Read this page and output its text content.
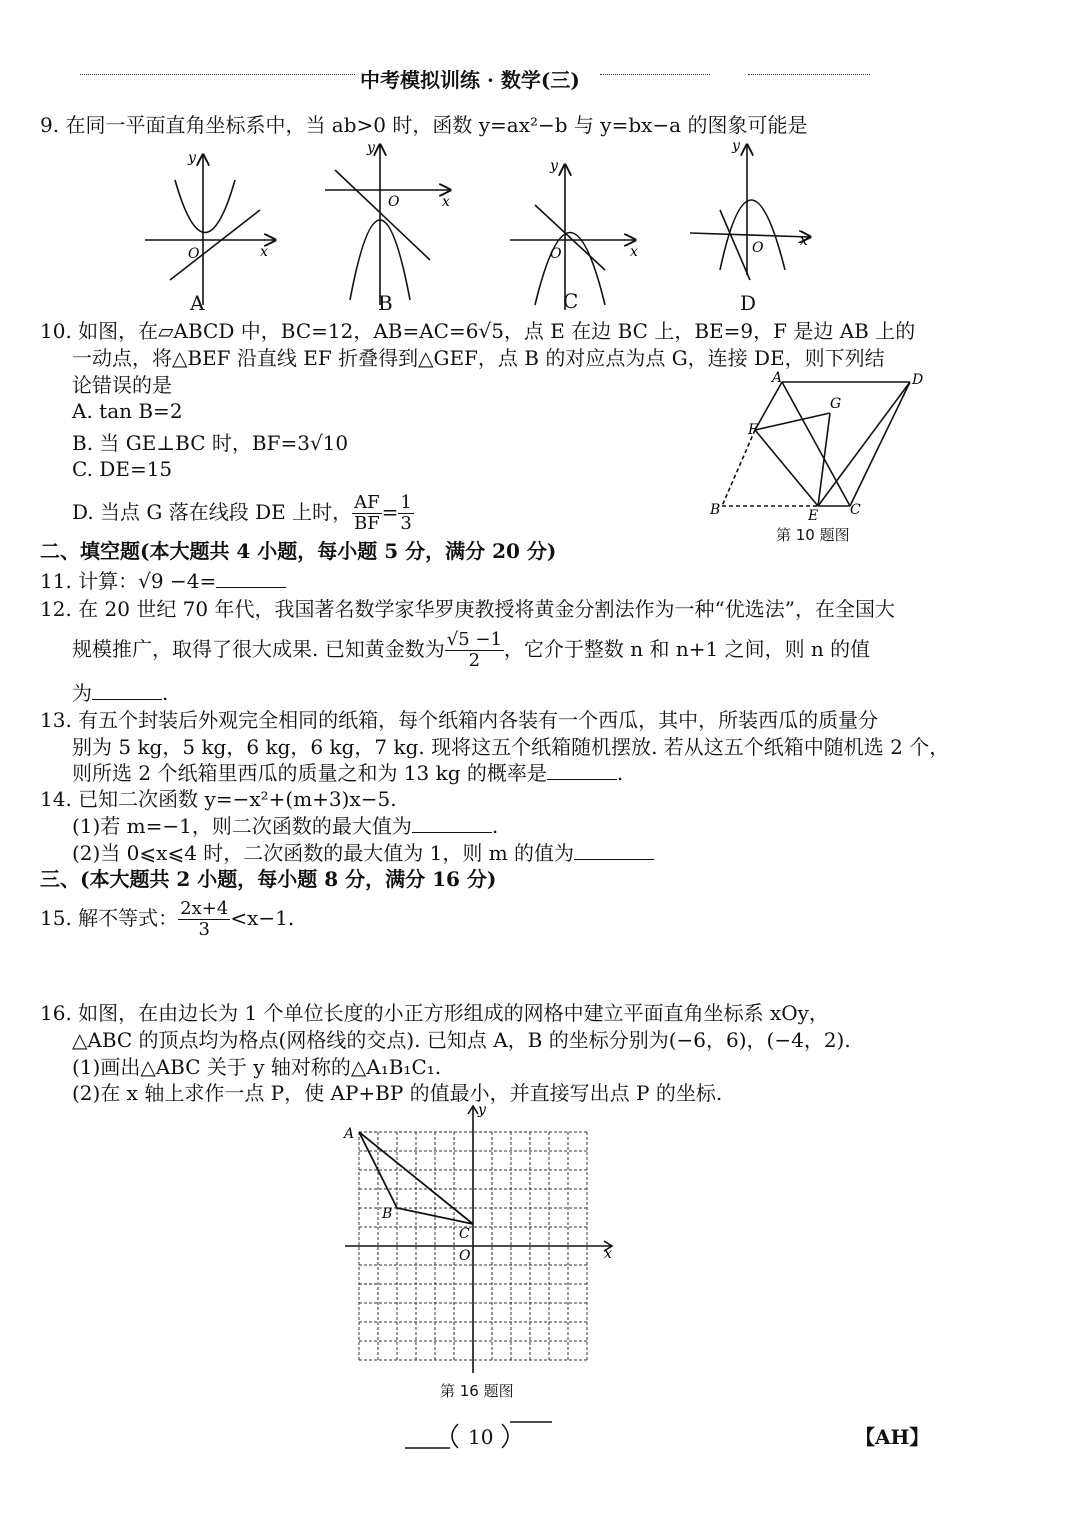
中考模拟训练 · 数学(三)
9. 在同一平面直角坐标系中，当 ab>0 时，函数 y=ax²−b 与 y=bx−a 的图象可能是
y
x
O
y
x
O
y
x
O
y
x
O
A	B	C	D
10. 如图，在▱ABCD 中，BC=12，AB=AC=6√5，点 E 在边 BC 上，BE=9，F 是边 AB 上的
一动点，将△BEF 沿直线 EF 折叠得到△GEF，点 B 的对应点为点 G，连接 DE，则下列结
论错误的是
A. tan B=2
B. 当 GE⊥BC 时，BF=3√10
C. DE=15
D. 当点 G 落在线段 DE 上时， $\frac{AF}{BF} = \frac{1}{3}$
A	D
G
F
B	E C
第 10 题图
二、填空题(本大题共 4 小题，每小题 5 分，满分 20 分)
11. 计算：√9 −4=
12. 在 20 世纪 70 年代，我国著名数学家华罗庚教授将黄金分割法作为一种“优选法”，在全国大
规模推广，取得了很大成果. 已知黄金数为 $\frac{√5 -1}{2}$ ，它介于整数 n 和 n+1 之间，则 n 的值
为	.
13. 有五个封装后外观完全相同的纸箱，每个纸箱内各装有一个西瓜，其中，所装西瓜的质量分
别为 5 kg，5 kg，6 kg，6 kg，7 kg. 现将这五个纸箱随机摆放. 若从这五个纸箱中随机选 2 个，
则所选 2 个纸箱里西瓜的质量之和为 13 kg 的概率是	.
14. 已知二次函数 y=−x²+(m+3)x−5.
(1)若 m=−1，则二次函数的最大值为	.
(2)当 0⩽x⩽4 时，二次函数的最大值为 1，则 m 的值为
三、(本大题共 2 小题，每小题 8 分，满分 16 分)
15. 解不等式： $\frac{2x+4}{3} <x-1$.
16. 如图，在由边长为 1 个单位长度的小正方形组成的网格中建立平面直角坐标系 xOy，
△ABC 的顶点均为格点(网格线的交点). 已知点 A，B 的坐标分别为(−6，6)，(−4，2).
(1)画出△ABC 关于 y 轴对称的△A₁B₁C₁.
(2)在 x 轴上求作一点 P，使 AP+BP 的值最小，并直接写出点 P 的坐标.
A
B
C
O	x
y
第 16 题图
10	【AH】
